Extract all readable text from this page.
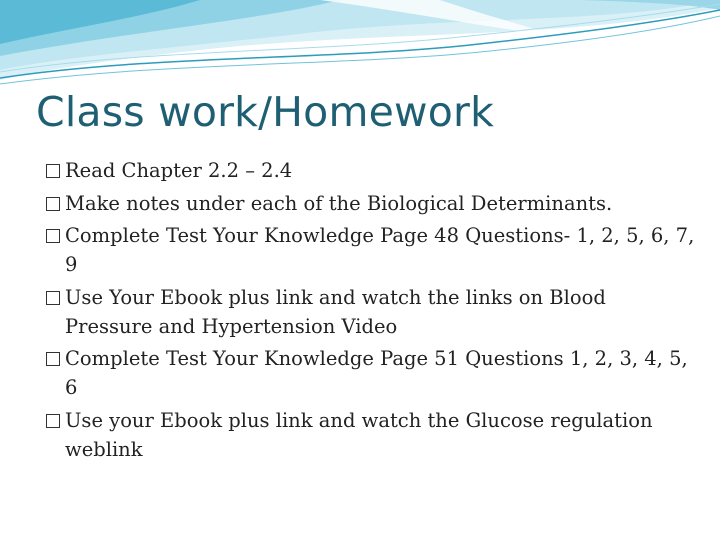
Class work/Homework
Read Chapter 2.2 – 2.4
Make notes under each of the Biological Determinants.
Complete Test Your Knowledge Page 48 Questions- 1, 2, 5, 6, 7, 9
Use Your Ebook plus link and watch the links on Blood Pressure and Hypertension Video
Complete Test Your Knowledge Page 51 Questions 1, 2, 3, 4, 5, 6
Use your Ebook plus link and watch the Glucose regulation weblink
